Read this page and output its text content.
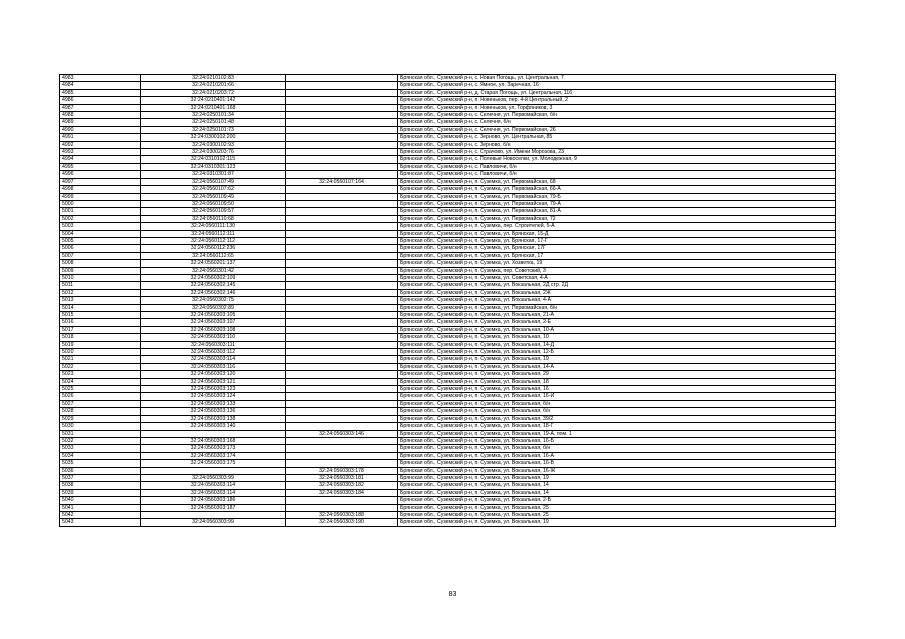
4983	32:24:0210102:83		Брянская обл., Суземский р-н, с. Новая Погощь, ул. Центральная, 7
4984	32:24:0210201:66		Брянская обл., Суземский р-н, с. Ямное, ул. Заречная, 16
4985	32:24:0210203:72		Брянская обл., Суземский р-н, д. Старая Погощь, ул. Центральная, 116
4986	32:24:0210401:142		Брянская обл., Суземский р-н, п. Новеньков, пер. 4-й Центральный, 2
4987	32:24:0210401:168		Брянская обл., Суземский р-н, п. Новеньков, ул. Торфяников, 3
4988	32:24:0250101:34		Брянская обл., Суземский р-н, с. Селечня, ул. Первомайская, б/н
4989	32:24:0250101:48		Брянская обл., Суземский р-н, с. Селечня, б/н
4990	32:24:0250101:73		Брянская обл., Суземский р-н, с. Селечня, ул. Первомайская, 26
4991	32:24:0300102:200		Брянская обл., Суземский р-н, с. Зерново, ул. Центральная, 85
4992	32:24:0300102:93		Брянская обл., Суземский р-н, с. Зерново, б/н
4993	32:24:0300203:76		Брянская обл., Суземский р-н, с. Страчово, ул. Имени Морозова, 23
4994	32:24:0310102:115		Брянская обл., Суземский р-н, с. Полевые Новоселки, ул. Молодежная, 9
4995	32:24:0310301:123		Брянская обл., Суземский р-н, с. Павловичи, б/н
4996	32:24:0310301:87		Брянская обл., Суземский р-н, с. Павловичи, б/н
4997	32:24:0560107:49	32:24:0560107:164	Брянская обл., Суземский р-н, п. Суземка, ул. Первомайская, 68
4998	32:24:0560107:62		Брянская обл., Суземский р-н, п. Суземка, ул. Первомайская, 66-А
4999	32:24:0560109:49		Брянская обл., Суземский р-н, п. Суземка, ул. Первомайская, 79-Б
5000	32:24:0560109:50		Брянская обл., Суземский р-н, п. Суземка, ул. Первомайская, 79-А
5001	32:24:0560109:57		Брянская обл., Суземский р-н, п. Суземка, ул. Первомайская, 81-А
5002	32:24:0560110:68		Брянская обл., Суземский р-н, п. Суземка, ул. Первомайская, 72
5003	32:24:0560111:130		Брянская обл., Суземский р-н, п. Суземка, пер. Строителей, 5-А
5004	32:24:0560112:111		Брянская обл., Суземский р-н, п. Суземка, ул. Брянская, 15-Д
5005	32:24:0560112:112		Брянская обл., Суземский р-н, п. Суземка, ул. Брянская, 17-Г
5006	32:24:0560112:236		Брянская обл., Суземский р-н, п. Суземка, ул. Брянская, 17Г
5007	32:24:0560112:65		Брянская обл., Суземский р-н, п. Суземка, ул. Брянская, 17
5008	32:24:0560201:137		Брянская обл., Суземский р-н, п. Суземка, ул. Хозветка, 19
5009	32:24:0560301:42		Брянская обл., Суземский р-н, п. Суземка, пер. Советский, 3
5010	32:24:0560302:109		Брянская обл., Суземский р-н, п. Суземка, ул. Советская, 4-А
5011	32:24:0560302:145		Брянская обл., Суземский р-н, п. Суземка, ул. Вокзальная, 2Д стр. 2Д
5012	32:24:0560302:146		Брянская обл., Суземский р-н, п. Суземка, ул. Вокзальная, 2Ж
5013	32:24:0560302:75		Брянская обл., Суземский р-н, п. Суземка, ул. Вокзальная, 4-А
5014	32:24:0560302:89		Брянская обл., Суземский р-н, п. Суземка, ул. Первомайская, б/н
5015	32:24:0560303:105		Брянская обл., Суземский р-н, п. Суземка, ул. Вокзальная, 21-А
5016	32:24:0560303:107		Брянская обл., Суземский р-н, п. Суземка, ул. Вокзальная, 2-Е
5017	32:24:0560303:108		Брянская обл., Суземский р-н, п. Суземка, ул. Вокзальная, 10-А
5018	32:24:0560303:110		Брянская обл., Суземский р-н, п. Суземка, ул. Вокзальная, 10
5019	32:24:0560303:111		Брянская обл., Суземский р-н, п. Суземка, ул. Вокзальная, 14-Д
5020	32:24:0560303:112		Брянская обл., Суземский р-н, п. Суземка, ул. Вокзальная, 12-Б
5021	32:24:0560303:114		Брянская обл., Суземский р-н, п. Суземка, ул. Вокзальная, 19
5022	32:24:0560303:116		Брянская обл., Суземский р-н, п. Суземка, ул. Вокзальная, 14-А
5023	32:24:0560303:120		Брянская обл., Суземский р-н, п. Суземка, ул. Вокзальная, 29
5024	32:24:0560303:121		Брянская обл., Суземский р-н, п. Суземка, ул. Вокзальная, 18
5025	32:24:0560303:123		Брянская обл., Суземский р-н, п. Суземка, ул. Вокзальная, 16
5026	32:24:0560303:124		Брянская обл., Суземский р-н, п. Суземка, ул. Вокзальная, 16-И
5027	32:24:0560303:133		Брянская обл., Суземский р-н, п. Суземка, ул. Вокзальная, б/н
5028	32:24:0560303:136		Брянская обл., Суземский р-н, п. Суземка, ул. Вокзальная, б/н
5029	32:24:0560303:138		Брянская обл., Суземский р-н, п. Суземка, ул. Вокзальная, 39/2
5030	32:24:0560303:140		Брянская обл., Суземский р-н, п. Суземка, ул. Вокзальная, 18-Г
5031		32:24:0560303:146	Брянская обл., Суземский р-н, п. Суземка, ул. Вокзальная, 19-А, пом. 1
5032	32:24:0560303:168		Брянская обл., Суземский р-н, п. Суземка, ул. Вокзальная, 16-Б
5033	32:24:0560303:173		Брянская обл., Суземский р-н, п. Суземка, ул. Вокзальная, б/н
5034	32:24:0560303:174		Брянская обл., Суземский р-н, п. Суземка, ул. Вокзальная, 16-А
5035	32:24:0560303:175		Брянская обл., Суземский р-н, п. Суземка, ул. Вокзальная, 16-В
5036		32:24:0560303:178	Брянская обл., Суземский р-н, п. Суземка, ул. Вокзальная, 16-Ж
5037	32:24:0560303:99	32:24:0560303:181	Брянская обл., Суземский р-н, п. Суземка, ул. Вокзальная, 19
5038	32:24:0560303:114	32:24:0560303:182	Брянская обл., Суземский р-н, п. Суземка, ул. Вокзальная, 14
5039	32:24:0560303:114	32:24:0560303:184	Брянская обл., Суземский р-н, п. Суземка, ул. Вокзальная, 14
5040	32:24:0560303:186		Брянская обл., Суземский р-н, п. Суземка, ул. Вокзальная, 2-Б
5041	32:24:0560303:187		Брянская обл., Суземский р-н, п. Суземка, ул. Вокзальная, 25
5042		32:24:0560303:188	Брянская обл., Суземский р-н, п. Суземка, ул. Вокзальная, 25
5043	32:24:0560303:99	32:24:0560303:190	Брянская обл., Суземский р-н, п. Суземка, ул. Вокзальная, 19
83
